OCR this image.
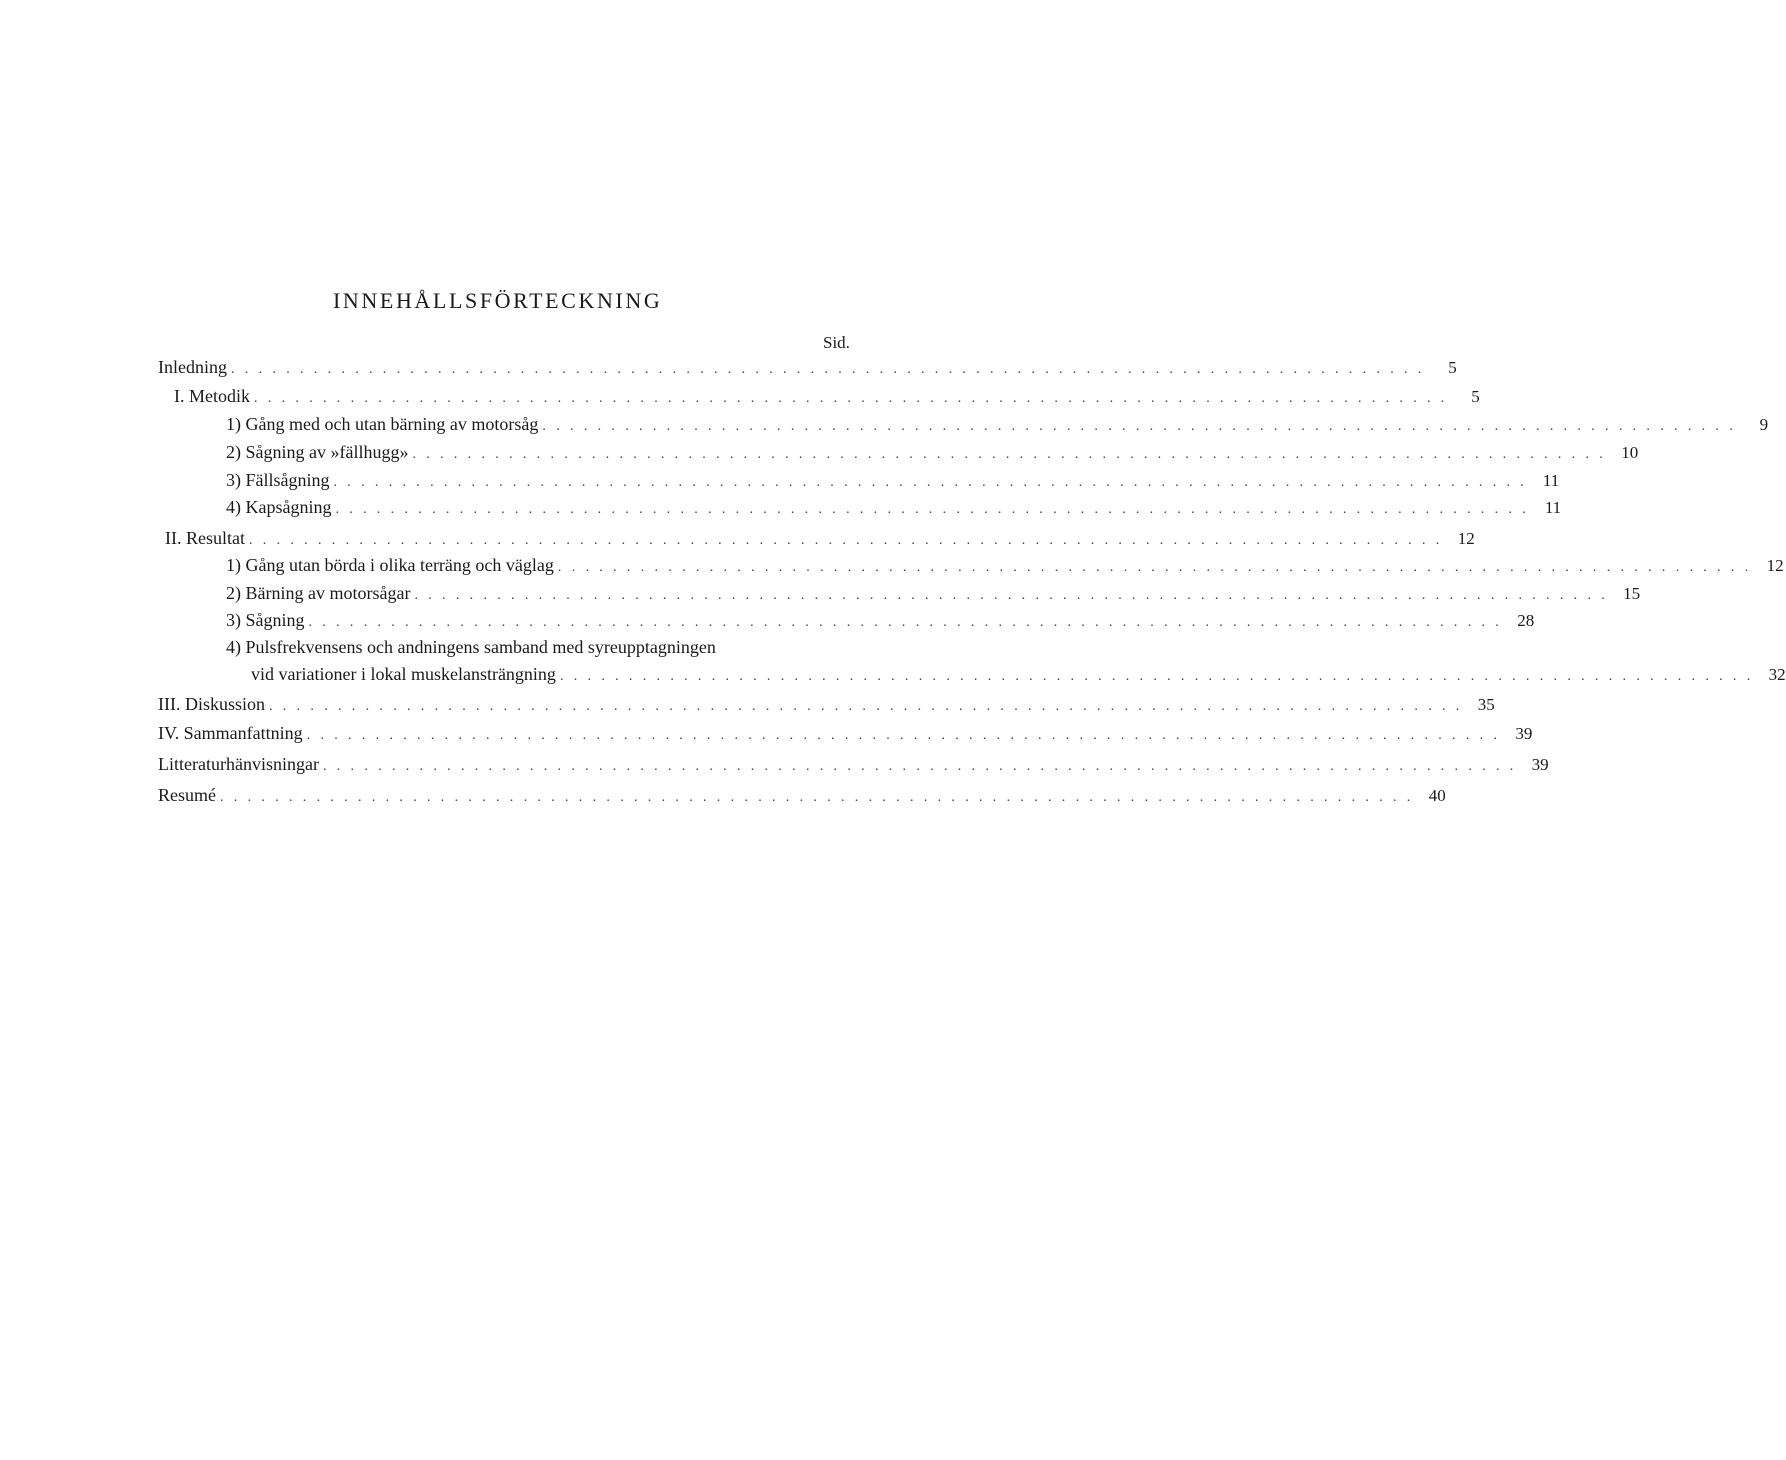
INNEHÅLLSFÖRTECKNING
Sid.
Inledning . . . . . . . . . . . . . . . . . . . . . . . . . . . . . . . . . . . . . . . . . . . . . . . . . . . . . . . . . . . . . . . . . . . . . . . . . . . . . . . . . . . . . . .	5
I. Metodik . . . . . . . . . . . . . . . . . . . . . . . . . . . . . . . . . . . . . . . . . . . . . . . . . . . . . . . . . . . . . . . . . . . . . . . . . . . . . . . . . . . . . . .	5
1) Gång med och utan bärning av motorsåg . . . . . . . . . . . . . . . . . . . . . . . . . . . . . . . . . . . . . . . . . . . . . . . . . . . . . . . . . . . . . . . . . . . . . . . . . . . . . . . . . . . . . . .	9
2) Sågning av »fällhugg» . . . . . . . . . . . . . . . . . . . . . . . . . . . . . . . . . . . . . . . . . . . . . . . . . . . . . . . . . . . . . . . . . . . . . . . . . . . . . . . . . . . . . . . 10
3) Fällsågning . . . . . . . . . . . . . . . . . . . . . . . . . . . . . . . . . . . . . . . . . . . . . . . . . . . . . . . . . . . . . . . . . . . . . . . . . . . . . . . . . . . . . . . 11
4) Kapsågning . . . . . . . . . . . . . . . . . . . . . . . . . . . . . . . . . . . . . . . . . . . . . . . . . . . . . . . . . . . . . . . . . . . . . . . . . . . . . . . . . . . . . . . 11
II. Resultat . . . . . . . . . . . . . . . . . . . . . . . . . . . . . . . . . . . . . . . . . . . . . . . . . . . . . . . . . . . . . . . . . . . . . . . . . . . . . . . . . . . . . . . 12
1) Gång utan börda i olika terräng och väglag . . . . . . . . . . . . . . . . . . . . . . . . . . . . . . . . . . . . . . . . . . . . . . . . . . . . . . . . . . . . . . . . . . . . . . . . . . . . . . . . . . . . . . . 12
2) Bärning av motorsågar . . . . . . . . . . . . . . . . . . . . . . . . . . . . . . . . . . . . . . . . . . . . . . . . . . . . . . . . . . . . . . . . . . . . . . . . . . . . . . . . . . . . . . . 15
3) Sågning . . . . . . . . . . . . . . . . . . . . . . . . . . . . . . . . . . . . . . . . . . . . . . . . . . . . . . . . . . . . . . . . . . . . . . . . . . . . . . . . . . . . . . . 28
4) Pulsfrekvensens och andningens samband med syreupptagningen
vid variationer i lokal muskelansträngning . . . . . . . . . . . . . . . . . . . . . . . . . . . . . . . . . . . . . . . . . . . . . . . . . . . . . . . . . . . . . . . . . . . . . . . . . . . . . . . . . . . . . . . 32
III. Diskussion . . . . . . . . . . . . . . . . . . . . . . . . . . . . . . . . . . . . . . . . . . . . . . . . . . . . . . . . . . . . . . . . . . . . . . . . . . . . . . . . . . . . . . . 35
IV. Sammanfattning . . . . . . . . . . . . . . . . . . . . . . . . . . . . . . . . . . . . . . . . . . . . . . . . . . . . . . . . . . . . . . . . . . . . . . . . . . . . . . . . . . . . . . . 39
Litteraturhänvisningar . . . . . . . . . . . . . . . . . . . . . . . . . . . . . . . . . . . . . . . . . . . . . . . . . . . . . . . . . . . . . . . . . . . . . . . . . . . . . . . . . . . . . . . 39
Resumé . . . . . . . . . . . . . . . . . . . . . . . . . . . . . . . . . . . . . . . . . . . . . . . . . . . . . . . . . . . . . . . . . . . . . . . . . . . . . . . . . . . . . . . 40
